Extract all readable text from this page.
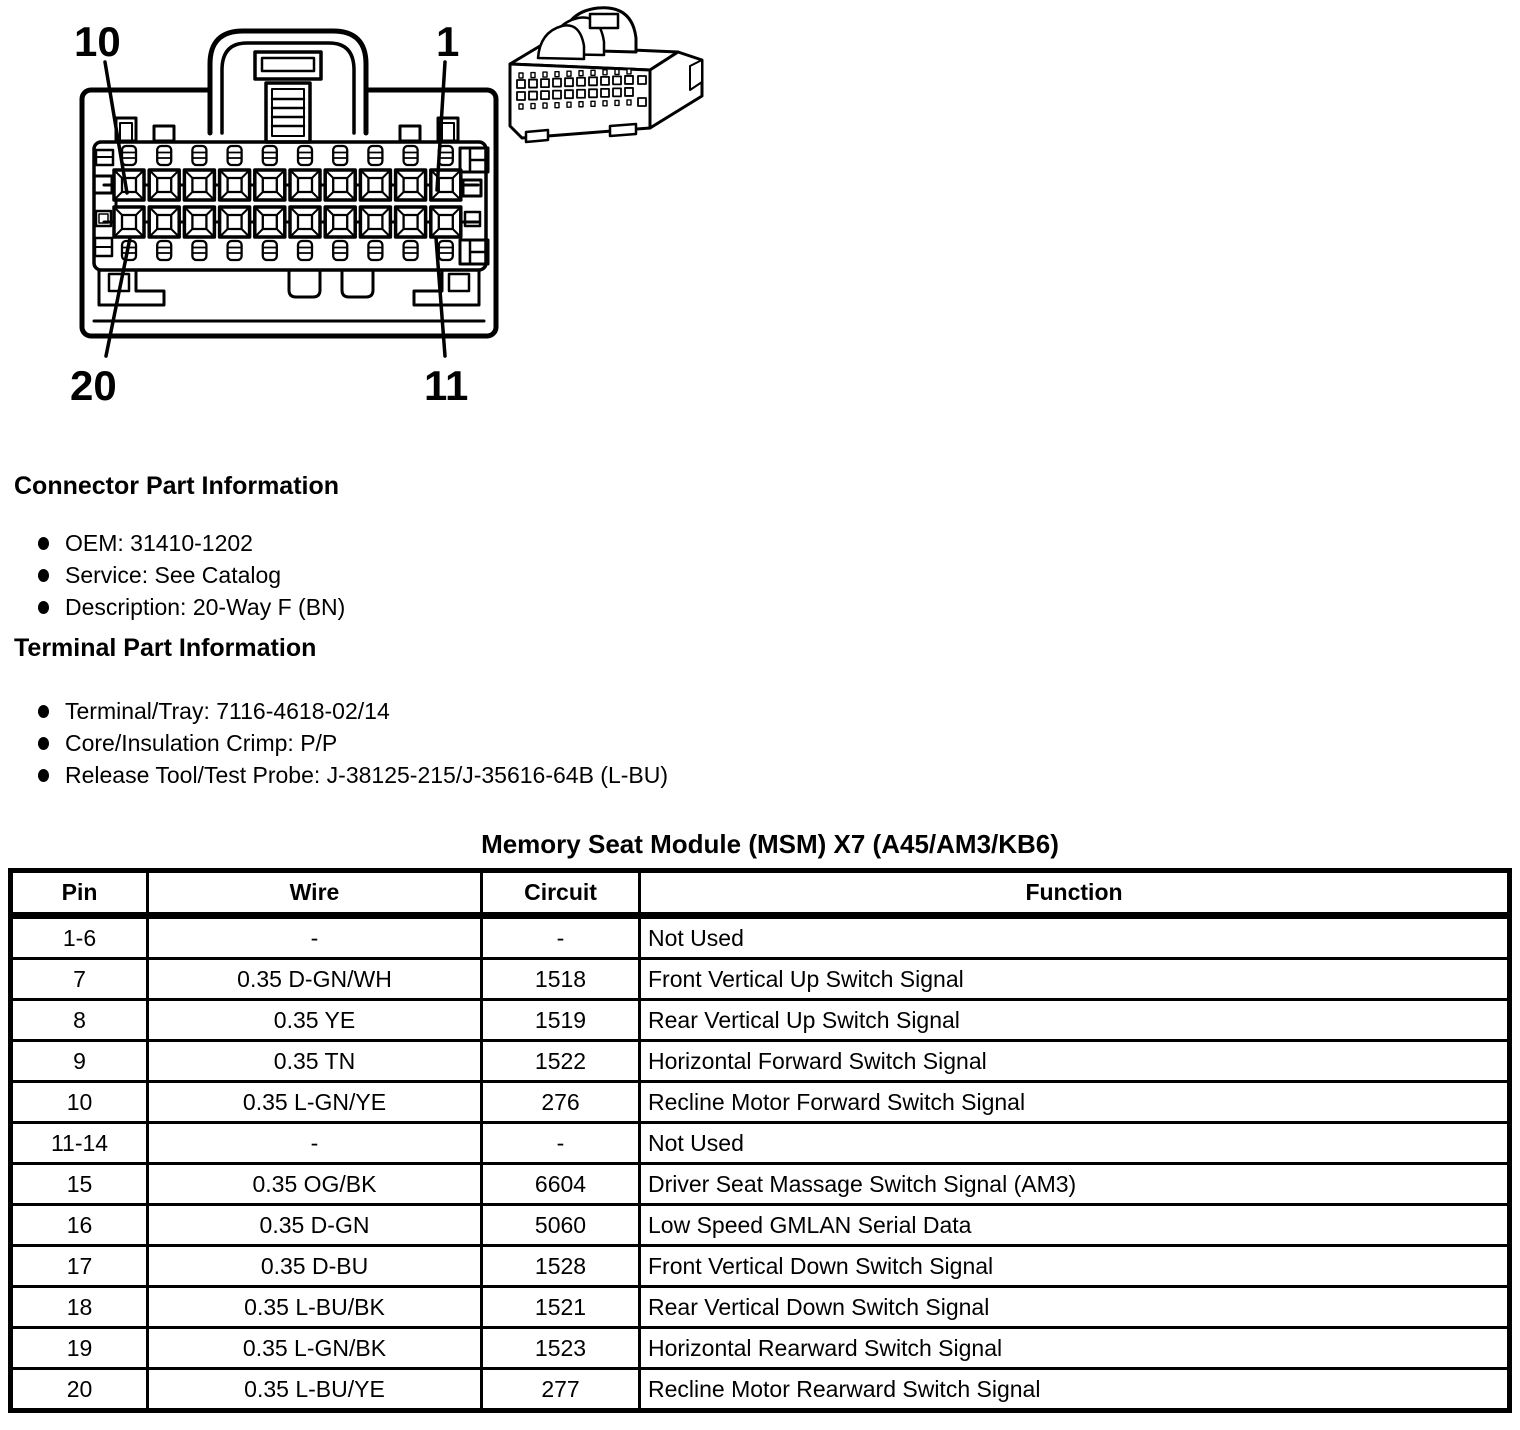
10	1
20	11
Connector Part Information
OEM: 31410-1202
Service: See Catalog
Description: 20-Way F (BN)
Terminal Part Information
Terminal/Tray: 7116-4618-02/14
Core/Insulation Crimp: P/P
Release Tool/Test Probe: J-38125-215/J-35616-64B (L-BU)
Memory Seat Module (MSM) X7 (A45/AM3/KB6)
Pin	Wire	Circuit	Function
1-6	-	-	Not Used
7	0.35 D-GN/WH	1518	Front Vertical Up Switch Signal
8	0.35 YE	1519	Rear Vertical Up Switch Signal
9	0.35 TN	1522	Horizontal Forward Switch Signal
10	0.35 L-GN/YE	276	Recline Motor Forward Switch Signal
11-14	-	-	Not Used
15	0.35 OG/BK	6604	Driver Seat Massage Switch Signal (AM3)
16	0.35 D-GN	5060	Low Speed GMLAN Serial Data
17	0.35 D-BU	1528	Front Vertical Down Switch Signal
18	0.35 L-BU/BK	1521	Rear Vertical Down Switch Signal
19	0.35 L-GN/BK	1523	Horizontal Rearward Switch Signal
20	0.35 L-BU/YE	277	Recline Motor Rearward Switch Signal
